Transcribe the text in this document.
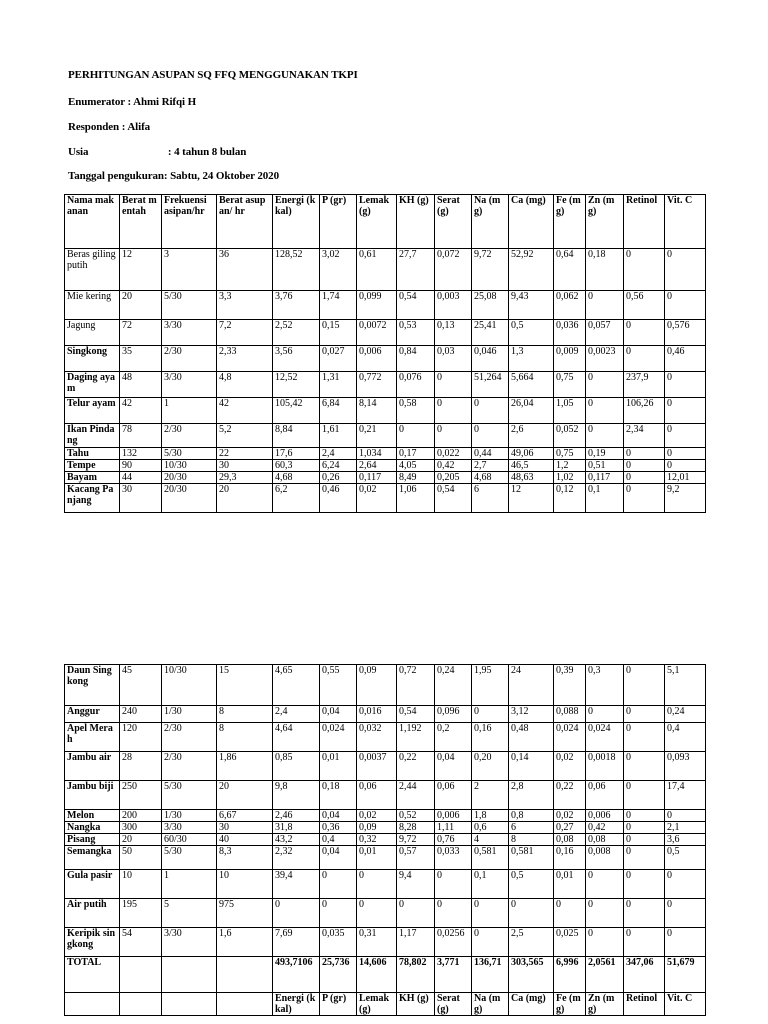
PERHITUNGAN ASUPAN SQ FFQ MENGGUNAKAN TKPI
Enumerator : Ahmi Rifqi H
Responden : Alifa
Usia                              : 4 tahun 8 bulan
Tanggal pengukuran: Sabtu, 24 Oktober 2020
Nama makanan	Berat mentah	Frekuensi asipan/hr	Berat asupan/ hr	Energi (kkal)	P (gr)	Lemak (g)	KH (g)	Serat (g)	Na (mg)	Ca (mg)	Fe (mg)	Zn (mg)	Retinol	Vit. C
Beras giling putih	12	3	36	128,52	3,02	0,61	27,7	0,072	9,72	52,92	0,64	0,18	0	0
Mie kering	20	5/30	3,3	3,76	1,74	0,099	0,54	0,003	25,08	9,43	0,062	0	0,56	0
Jagung	72	3/30	7,2	2,52	0,15	0,0072	0,53	0,13	25,41	0,5	0,036	0,057	0	0,576
Singkong	35	2/30	2,33	3,56	0,027	0,006	0,84	0,03	0,046	1,3	0,009	0,0023	0	0,46
Daging ayam	48	3/30	4,8	12,52	1,31	0,772	0,076	0	51,264	5,664	0,75	0	237,9	0
Telur ayam	42	1	42	105,42	6,84	8,14	0,58	0	0	26,04	1,05	0	106,26	0
Ikan Pindang	78	2/30	5,2	8,84	1,61	0,21	0	0	0	2,6	0,052	0	2,34	0
Tahu	132	5/30	22	17,6	2,4	1,034	0,17	0,022	0,44	49,06	0,75	0,19	0	0
Tempe	90	10/30	30	60,3	6,24	2,64	4,05	0,42	2,7	46,5	1,2	0,51	0	0
Bayam	44	20/30	29,3	4,68	0,26	0,117	8,49	0,205	4,68	48,63	1,02	0,117	0	12,01
Kacang Panjang	30	20/30	20	6,2	0,46	0,02	1,06	0,54	6	12	0,12	0,1	0	9,2
Daun Singkong	45	10/30	15	4,65	0,55	0,09	0,72	0,24	1,95	24	0,39	0,3	0	5,1
Anggur	240	1/30	8	2,4	0,04	0,016	0,54	0,096	0	3,12	0,088	0	0	0,24
Apel Merah	120	2/30	8	4,64	0,024	0,032	1,192	0,2	0,16	0,48	0,024	0,024	0	0,4
Jambu air	28	2/30	1,86	0,85	0,01	0,0037	0,22	0,04	0,20	0,14	0,02	0,0018	0	0,093
Jambu biji	250	5/30	20	9,8	0,18	0,06	2,44	0,06	2	2,8	0,22	0,06	0	17,4
Melon	200	1/30	6,67	2,46	0,04	0,02	0,52	0,006	1,8	0,8	0,02	0,006	0	0
Nangka	300	3/30	30	31,8	0,36	0,09	8,28	1,11	0,6	6	0,27	0,42	0	2,1
Pisang	20	60/30	40	43,2	0,4	0,32	9,72	0,76	4	8	0,08	0,08	0	3,6
Semangka	50	5/30	8,3	2,32	0,04	0,01	0,57	0,033	0,581	0,581	0,16	0,008	0	0,5
Gula pasir	10	1	10	39,4	0	0	9,4	0	0,1	0,5	0,01	0	0	0
Air putih	195	5	975	0	0	0	0	0	0	0	0	0	0	0
Keripik singkong	54	3/30	1,6	7,69	0,035	0,31	1,17	0,0256	0	2,5	0,025	0	0	0
TOTAL				493,7106	25,736	14,606	78,802	3,771	136,71	303,565	6,996	2,0561	347,06	51,679
				Energi (kkal)	P (gr)	Lemak (g)	KH (g)	Serat (g)	Na (mg)	Ca (mg)	Fe (mg)	Zn (mg)	Retinol	Vit. C
